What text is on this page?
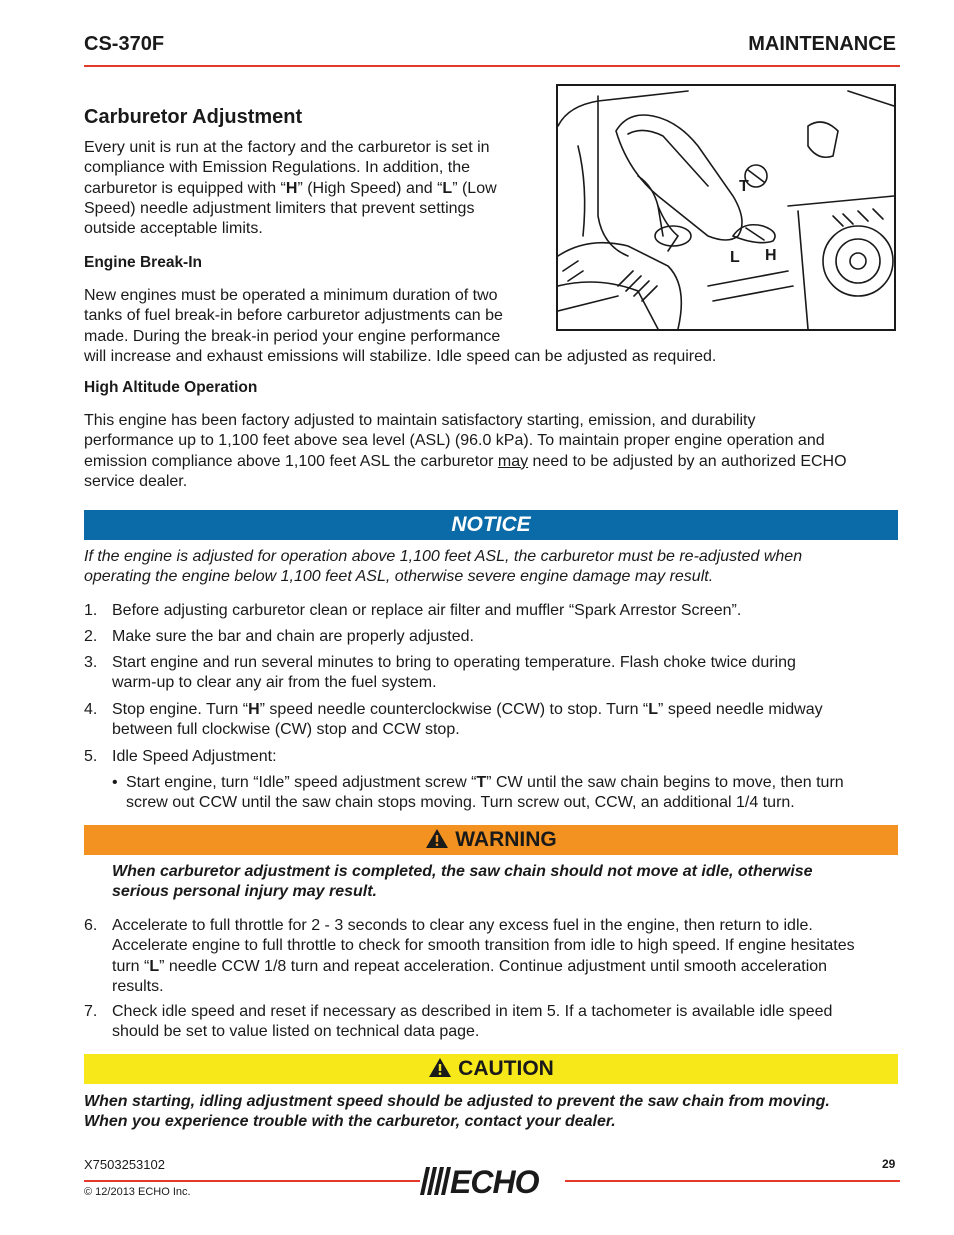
CS-370F	MAINTENANCE
Carburetor Adjustment
Every unit is run at the factory and the carburetor is set in
compliance with Emission Regulations. In addition, the
carburetor is equipped with “H” (High Speed) and “L” (Low
Speed) needle adjustment limiters that prevent settings
outside acceptable limits.
T
L H
Engine Break-In
New engines must be operated a minimum duration of two
tanks of fuel break-in before carburetor adjustments can be
made. During the break-in period your engine performance
will increase and exhaust emissions will stabilize. Idle speed can be adjusted as required.
High Altitude Operation
This engine has been factory adjusted to maintain satisfactory starting, emission, and durability
performance up to 1,100 feet above sea level (ASL) (96.0 kPa). To maintain proper engine operation and
emission compliance above 1,100 feet ASL the carburetor may need to be adjusted by an authorized ECHO
service dealer.
NOTICE
If the engine is adjusted for operation above 1,100 feet ASL, the carburetor must be re-adjusted when
operating the engine below 1,100 feet ASL, otherwise severe engine damage may result.
1. Before adjusting carburetor clean or replace air filter and muffler “Spark Arrestor Screen”.
2. Make sure the bar and chain are properly adjusted.
3. Start engine and run several minutes to bring to operating temperature. Flash choke twice during
warm-up to clear any air from the fuel system.
4. Stop engine. Turn “H” speed needle counterclockwise (CCW) to stop. Turn “L” speed needle midway
between full clockwise (CW) stop and CCW stop.
5. Idle Speed Adjustment:
• Start engine, turn “Idle” speed adjustment screw “T” CW until the saw chain begins to move, then turn
screw out CCW until the saw chain stops moving. Turn screw out, CCW, an additional 1/4 turn.
WARNING
When carburetor adjustment is completed, the saw chain should not move at idle, otherwise
serious personal injury may result.
6. Accelerate to full throttle for 2 - 3 seconds to clear any excess fuel in the engine, then return to idle.
Accelerate engine to full throttle to check for smooth transition from idle to high speed. If engine hesitates
turn “L” needle CCW 1/8 turn and repeat acceleration. Continue adjustment until smooth acceleration
results.
7. Check idle speed and reset if necessary as described in item 5. If a tachometer is available idle speed
should be set to value listed on technical data page.
CAUTION
When starting, idling adjustment speed should be adjusted to prevent the saw chain from moving.
When you experience trouble with the carburetor, contact your dealer.
X7503253102
© 12/2013 ECHO Inc.
29
ECHO
